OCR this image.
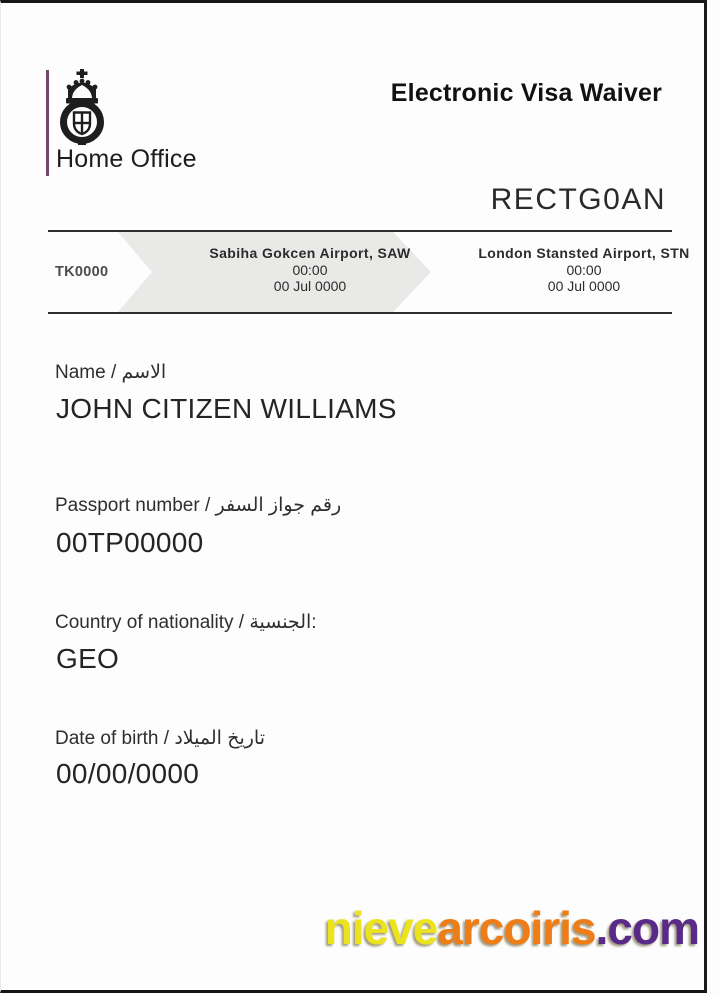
Home Office
Electronic Visa Waiver
RECTG0AN
TK0000
Sabiha Gokcen Airport, SAW
00:00
00 Jul 0000
London Stansted Airport, STN
00:00
00 Jul 0000
Name / الاسم
JOHN CITIZEN WILLIAMS
Passport number / رقم جواز السفر
00TP00000
Country of nationality / الجنسية:
GEO
Date of birth / تاريخ الميلاد
00/00/0000
nievearcoiris.com
